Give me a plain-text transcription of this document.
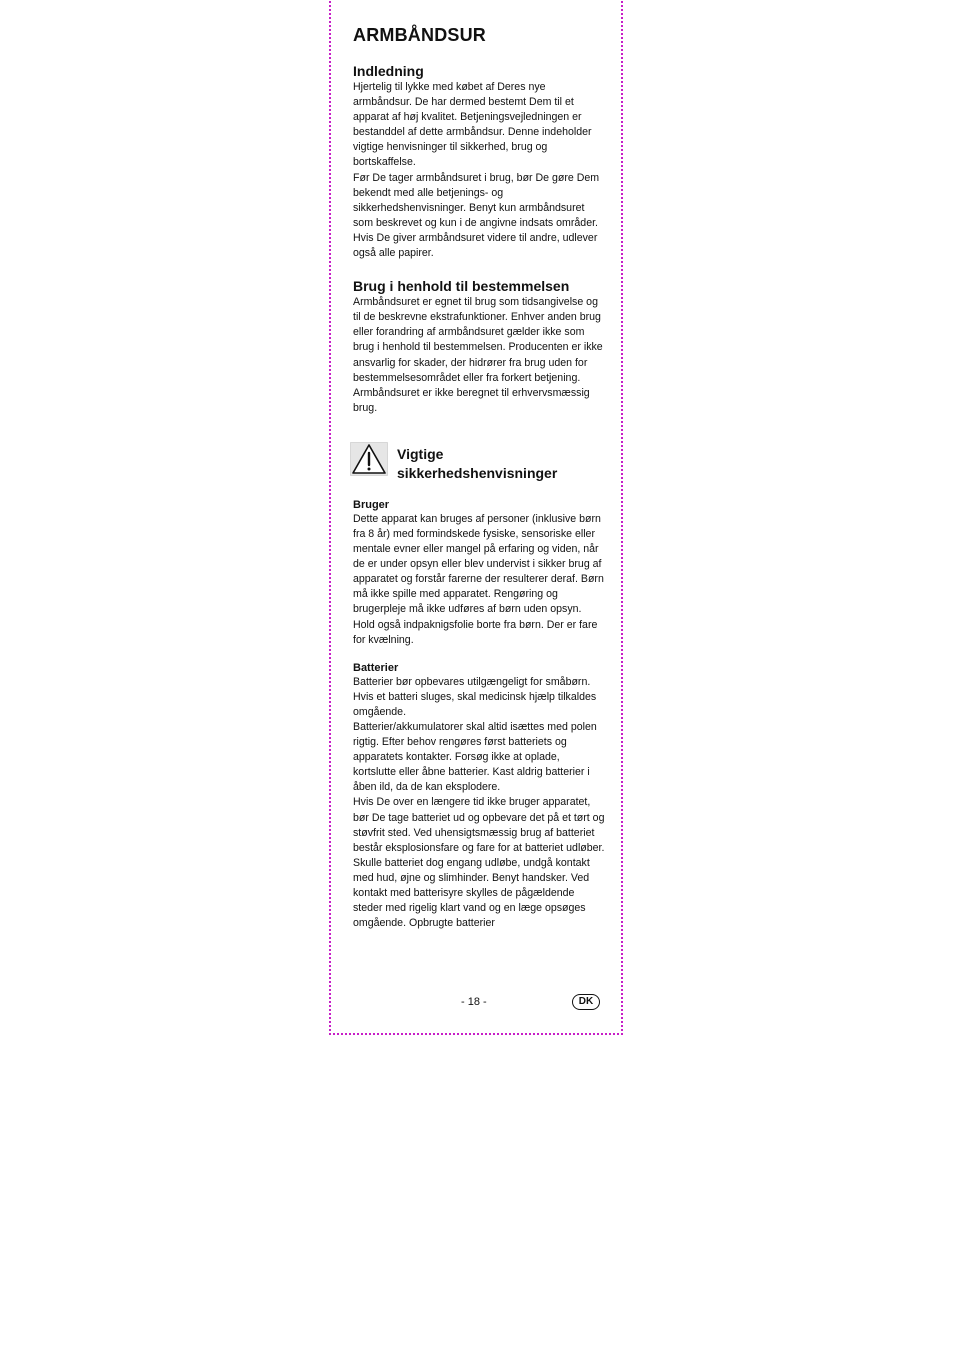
ARMBÅNDSUR
Indledning

Hjertelig til lykke med købet af Deres nye armbåndsur. De har dermed bestemt Dem til et apparat af høj kvalitet. Betjeningsvejledningen er bestanddel af dette armbåndsur. Denne indeholder vigtige henvisninger til sikkerhed, brug og bortskaffelse.

Før De tager armbåndsuret i brug, bør De gøre Dem bekendt med alle betjenings- og sikkerhedshenvisninger. Benyt kun armbåndsuret som beskrevet og kun i de angivne indsats områder.

Hvis De giver armbåndsuret videre til andre, udlever også alle papirer.

Brug i henhold til bestemmelsen

Armbåndsuret er egnet til brug som tidsangivelse og til de beskrevne ekstrafunktioner. Enhver anden brug eller forandring af armbåndsuret gælder ikke som brug i henhold til bestemmelsen. Producenten er ikke ansvarlig for skader, der hidrører fra brug uden for bestemmelsesområdet eller fra forkert betjening. Armbåndsuret er ikke beregnet til erhvervsmæssig brug.

Vigtige
sikkerhedshenvisninger
Bruger

Dette apparat kan bruges af personer (inklusive børn fra 8 år) med formindskede fysiske, sensoriske eller mentale evner eller mangel på erfaring og viden, når de er under opsyn eller blev undervist i sikker brug af apparatet og forstår farerne der resulterer deraf. Børn må ikke spille med apparatet. Rengøring og brugerpleje må ikke udføres af børn uden opsyn. Hold også indpaknigsfolie borte fra børn. Der er fare for kvælning.

Batterier

Batterier bør opbevares utilgængeligt for småbørn. Hvis et batteri sluges, skal medicinsk hjælp tilkaldes omgående.

Batterier/akkumulatorer skal altid isættes med polen rigtig. Efter behov rengøres først batteriets og apparatets kontakter. Forsøg ikke at oplade, kortslutte eller åbne batterier. Kast aldrig batterier i åben ild, da de kan eksplodere.

Hvis De over en længere tid ikke bruger apparatet, bør De tage batteriet ud og opbevare det på et tørt og støvfrit sted. Ved uhensigtsmæssig brug af batteriet består eksplosionsfare og fare for at batteriet udløber. Skulle batteriet dog engang udløbe, undgå kontakt med hud, øjne og slimhinder. Benyt handsker. Ved kontakt med batterisyre skylles de pågældende steder med rigelig klart vand og en læge opsøges omgående. Opbrugte batterier

- 18 -	DK
